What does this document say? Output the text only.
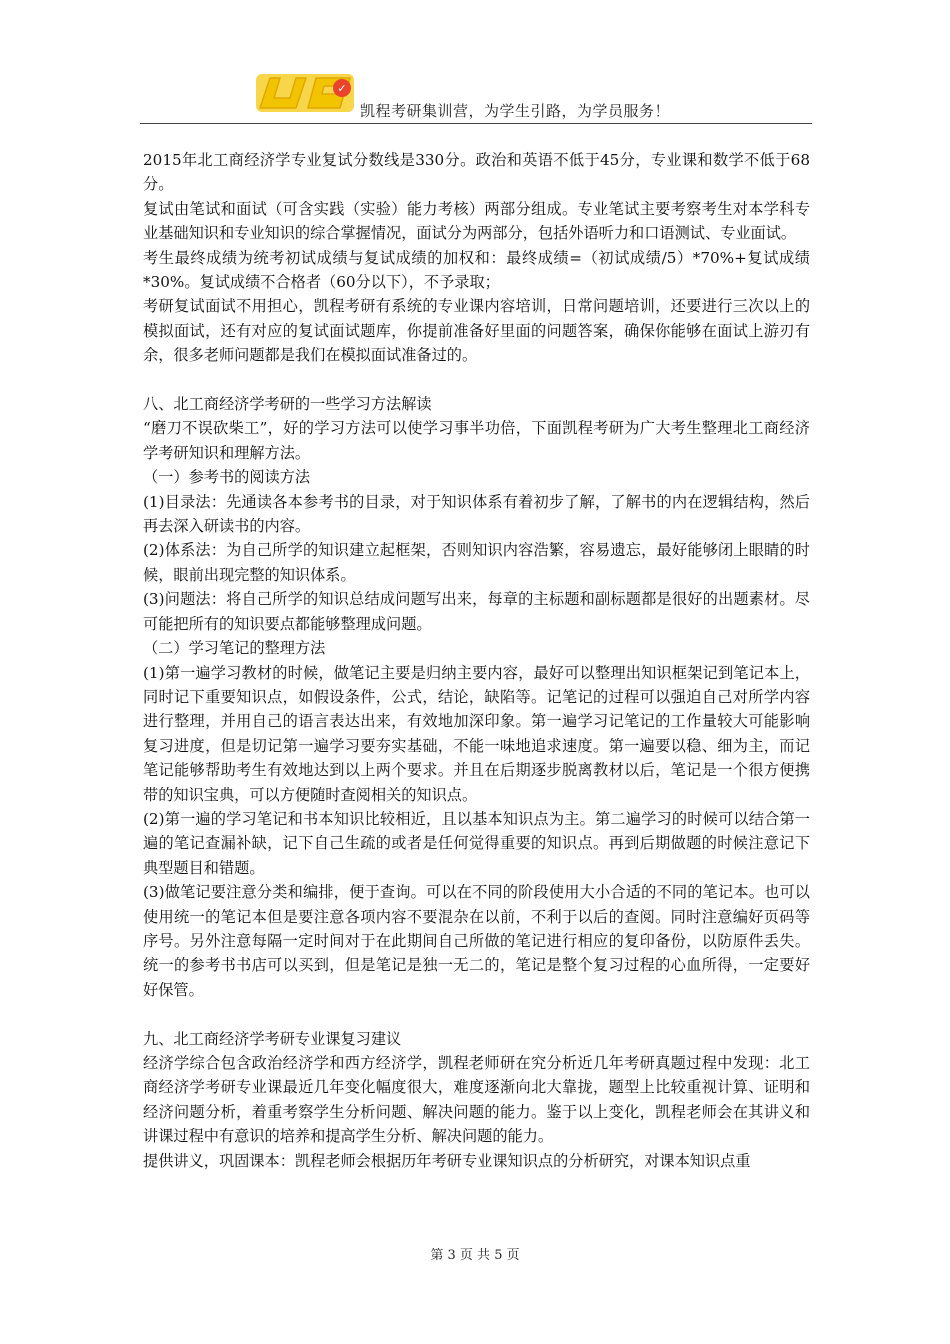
✓
凯程考研集训营，为学生引路，为学员服务！

2015年北工商经济学专业复试分数线是330分。政治和英语不低于45分，专业课和数学不低于68分。

复试由笔试和面试（可含实践（实验）能力考核）两部分组成。专业笔试主要考察考生对本学科专业基础知识和专业知识的综合掌握情况，面试分为两部分，包括外语听力和口语测试、专业面试。

考生最终成绩为统考初试成绩与复试成绩的加权和：最终成绩=（初试成绩/5）*70%+复试成绩*30%。复试成绩不合格者（60分以下），不予录取；

考研复试面试不用担心，凯程考研有系统的专业课内容培训，日常问题培训，还要进行三次以上的模拟面试，还有对应的复试面试题库，你提前准备好里面的问题答案，确保你能够在面试上游刃有余，很多老师问题都是我们在模拟面试准备过的。

八、北工商经济学考研的一些学习方法解读

“磨刀不误砍柴工”，好的学习方法可以使学习事半功倍，下面凯程考研为广大考生整理北工商经济学考研知识和理解方法。

（一）参考书的阅读方法

(1)目录法：先通读各本参考书的目录，对于知识体系有着初步了解，了解书的内在逻辑结构，然后再去深入研读书的内容。

(2)体系法：为自己所学的知识建立起框架，否则知识内容浩繁，容易遗忘，最好能够闭上眼睛的时候，眼前出现完整的知识体系。

(3)问题法：将自己所学的知识总结成问题写出来，每章的主标题和副标题都是很好的出题素材。尽可能把所有的知识要点都能够整理成问题。

（二）学习笔记的整理方法

(1)第一遍学习教材的时候，做笔记主要是归纳主要内容，最好可以整理出知识框架记到笔记本上，同时记下重要知识点，如假设条件，公式，结论，缺陷等。记笔记的过程可以强迫自己对所学内容进行整理，并用自己的语言表达出来，有效地加深印象。第一遍学习记笔记的工作量较大可能影响复习进度，但是切记第一遍学习要夯实基础，不能一味地追求速度。第一遍要以稳、细为主，而记笔记能够帮助考生有效地达到以上两个要求。并且在后期逐步脱离教材以后，笔记是一个很方便携带的知识宝典，可以方便随时查阅相关的知识点。

(2)第一遍的学习笔记和书本知识比较相近，且以基本知识点为主。第二遍学习的时候可以结合第一遍的笔记查漏补缺，记下自己生疏的或者是任何觉得重要的知识点。再到后期做题的时候注意记下典型题目和错题。

(3)做笔记要注意分类和编排，便于查询。可以在不同的阶段使用大小合适的不同的笔记本。也可以使用统一的笔记本但是要注意各项内容不要混杂在以前，不利于以后的查阅。同时注意编好页码等序号。另外注意每隔一定时间对于在此期间自己所做的笔记进行相应的复印备份，以防原件丢失。统一的参考书书店可以买到，但是笔记是独一无二的，笔记是整个复习过程的心血所得，一定要好好保管。

九、北工商经济学考研专业课复习建议

经济学综合包含政治经济学和西方经济学，凯程老师研在究分析近几年考研真题过程中发现：北工商经济学考研专业课最近几年变化幅度很大，难度逐渐向北大靠拢，题型上比较重视计算、证明和经济问题分析，着重考察学生分析问题、解决问题的能力。鉴于以上变化，凯程老师会在其讲义和讲课过程中有意识的培养和提高学生分析、解决问题的能力。

提供讲义，巩固课本：凯程老师会根据历年考研专业课知识点的分析研究，对课本知识点重

第 3 页 共 5 页
